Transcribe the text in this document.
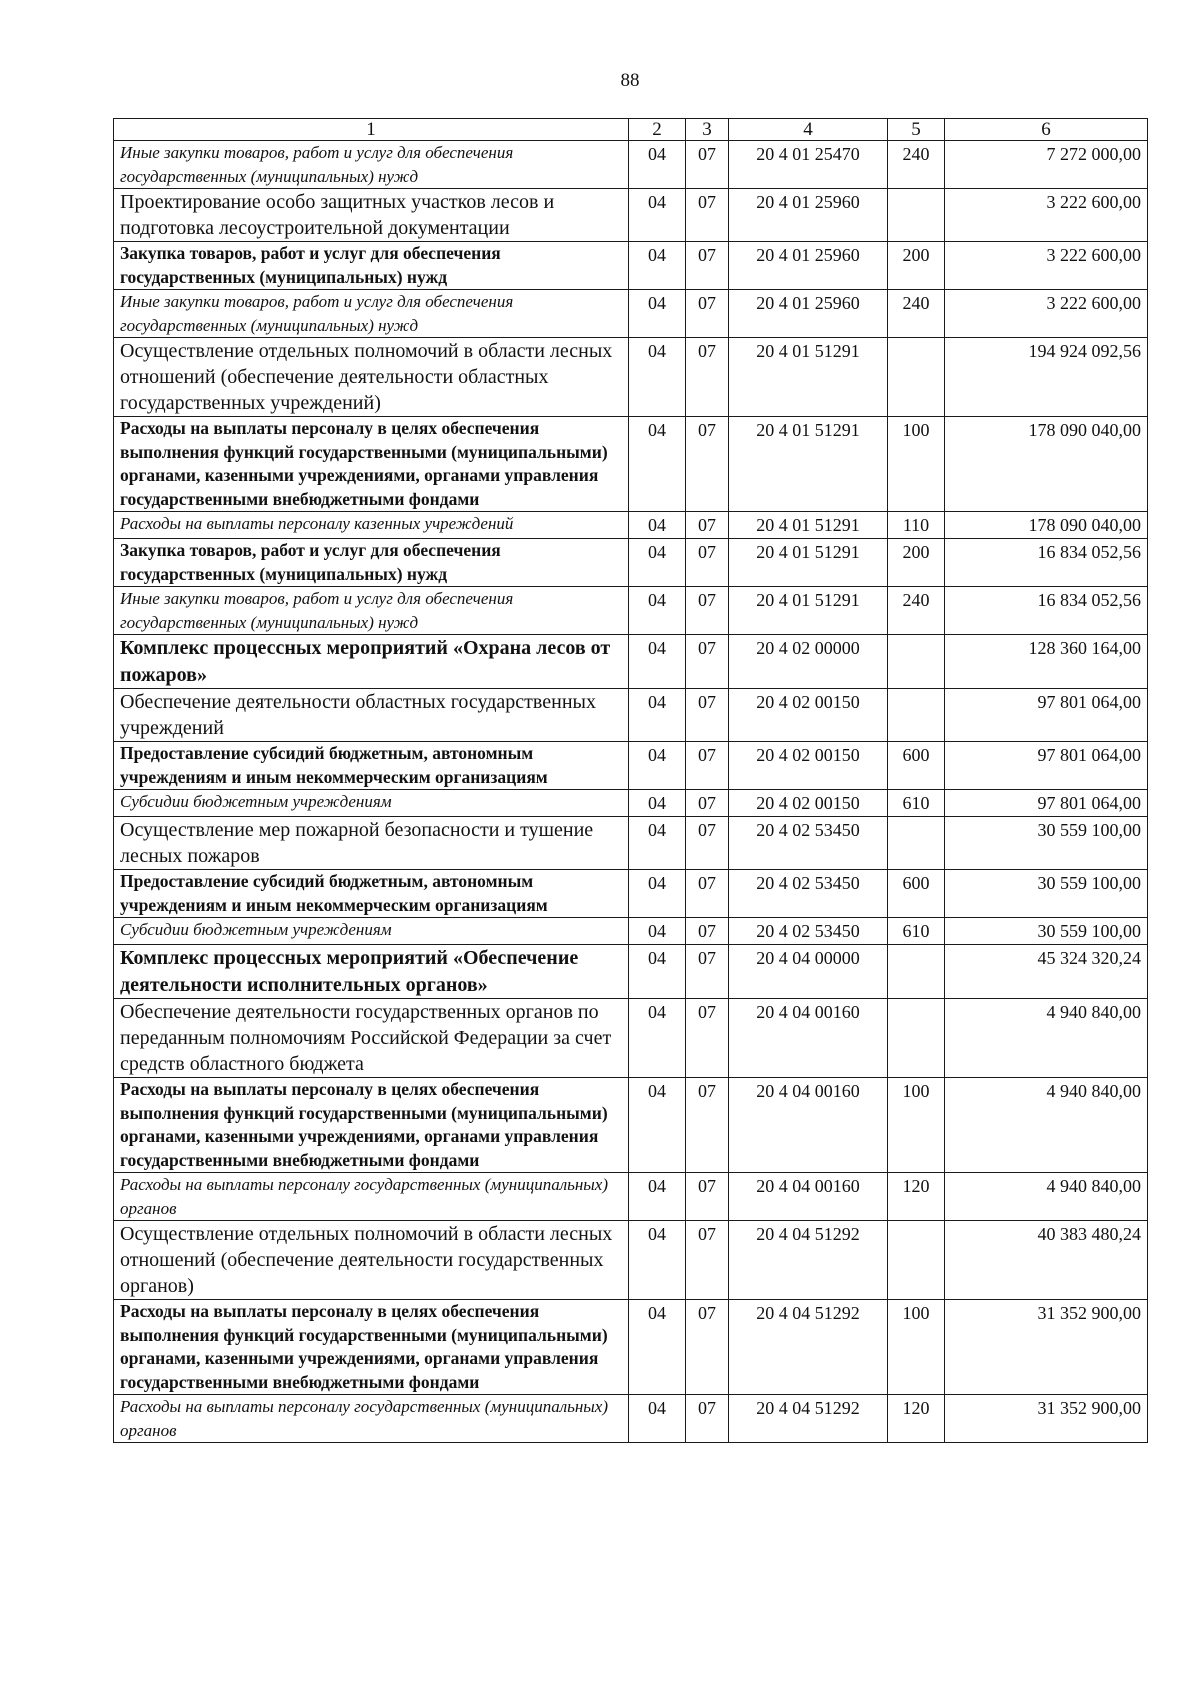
88
1	2	3	4	5	6
Иные закупки товаров, работ и услуг для обеспечения государственных (муниципальных) нужд	04	07	20 4 01 25470	240	7 272 000,00
Проектирование особо защитных участков лесов и подготовка лесоустроительной документации	04	07	20 4 01 25960		3 222 600,00
Закупка товаров, работ и услуг для обеспечения государственных (муниципальных) нужд	04	07	20 4 01 25960	200	3 222 600,00
Иные закупки товаров, работ и услуг для обеспечения государственных (муниципальных) нужд	04	07	20 4 01 25960	240	3 222 600,00
Осуществление отдельных полномочий в области лесных отношений (обеспечение деятельности областных государственных учреждений)	04	07	20 4 01 51291		194 924 092,56
Расходы на выплаты персоналу в целях обеспечения выполнения функций государственными (муниципальными) органами, казенными учреждениями, органами управления государственными внебюджетными фондами	04	07	20 4 01 51291	100	178 090 040,00
Расходы на выплаты персоналу казенных учреждений	04	07	20 4 01 51291	110	178 090 040,00
Закупка товаров, работ и услуг для обеспечения государственных (муниципальных) нужд	04	07	20 4 01 51291	200	16 834 052,56
Иные закупки товаров, работ и услуг для обеспечения государственных (муниципальных) нужд	04	07	20 4 01 51291	240	16 834 052,56
Комплекс процессных мероприятий «Охрана лесов от пожаров»	04	07	20 4 02 00000		128 360 164,00
Обеспечение деятельности областных государственных учреждений	04	07	20 4 02 00150		97 801 064,00
Предоставление субсидий бюджетным, автономным учреждениям и иным некоммерческим организациям	04	07	20 4 02 00150	600	97 801 064,00
Субсидии бюджетным учреждениям	04	07	20 4 02 00150	610	97 801 064,00
Осуществление мер пожарной безопасности и тушение лесных пожаров	04	07	20 4 02 53450		30 559 100,00
Предоставление субсидий бюджетным, автономным учреждениям и иным некоммерческим организациям	04	07	20 4 02 53450	600	30 559 100,00
Субсидии бюджетным учреждениям	04	07	20 4 02 53450	610	30 559 100,00
Комплекс процессных мероприятий «Обеспечение деятельности исполнительных органов»	04	07	20 4 04 00000		45 324 320,24
Обеспечение деятельности государственных органов по переданным полномочиям Российской Федерации за счет средств областного бюджета	04	07	20 4 04 00160		4 940 840,00
Расходы на выплаты персоналу в целях обеспечения выполнения функций государственными (муниципальными) органами, казенными учреждениями, органами управления государственными внебюджетными фондами	04	07	20 4 04 00160	100	4 940 840,00
Расходы на выплаты персоналу государственных (муниципальных) органов	04	07	20 4 04 00160	120	4 940 840,00
Осуществление отдельных полномочий в области лесных отношений (обеспечение деятельности государственных органов)	04	07	20 4 04 51292		40 383 480,24
Расходы на выплаты персоналу в целях обеспечения выполнения функций государственными (муниципальными) органами, казенными учреждениями, органами управления государственными внебюджетными фондами	04	07	20 4 04 51292	100	31 352 900,00
Расходы на выплаты персоналу государственных (муниципальных) органов	04	07	20 4 04 51292	120	31 352 900,00
